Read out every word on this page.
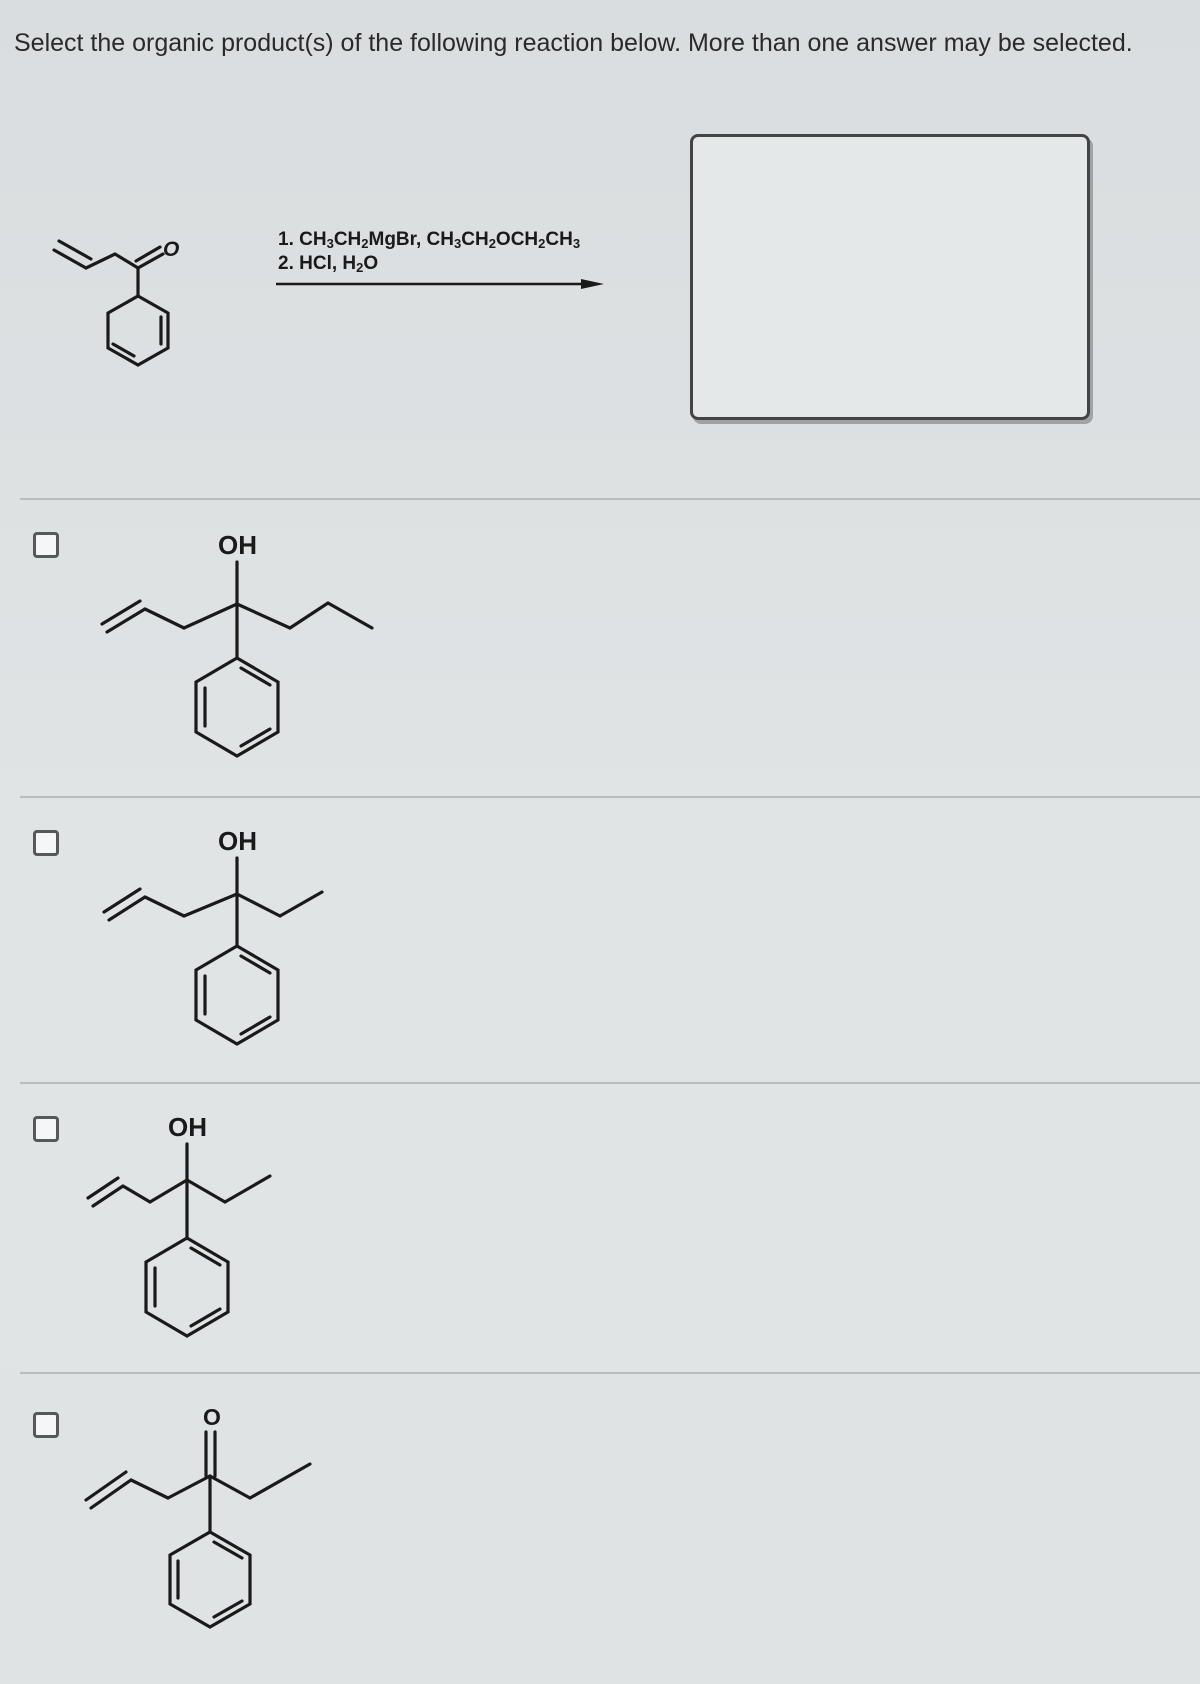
Select the organic product(s) of the following reaction below. More than one answer may be selected.

O	1. $CH_3CH_2MgBr$, $CH_3CH_2OCH_2CH_3$
2. HCl, $H_2O$
OH
OH
OH
O
